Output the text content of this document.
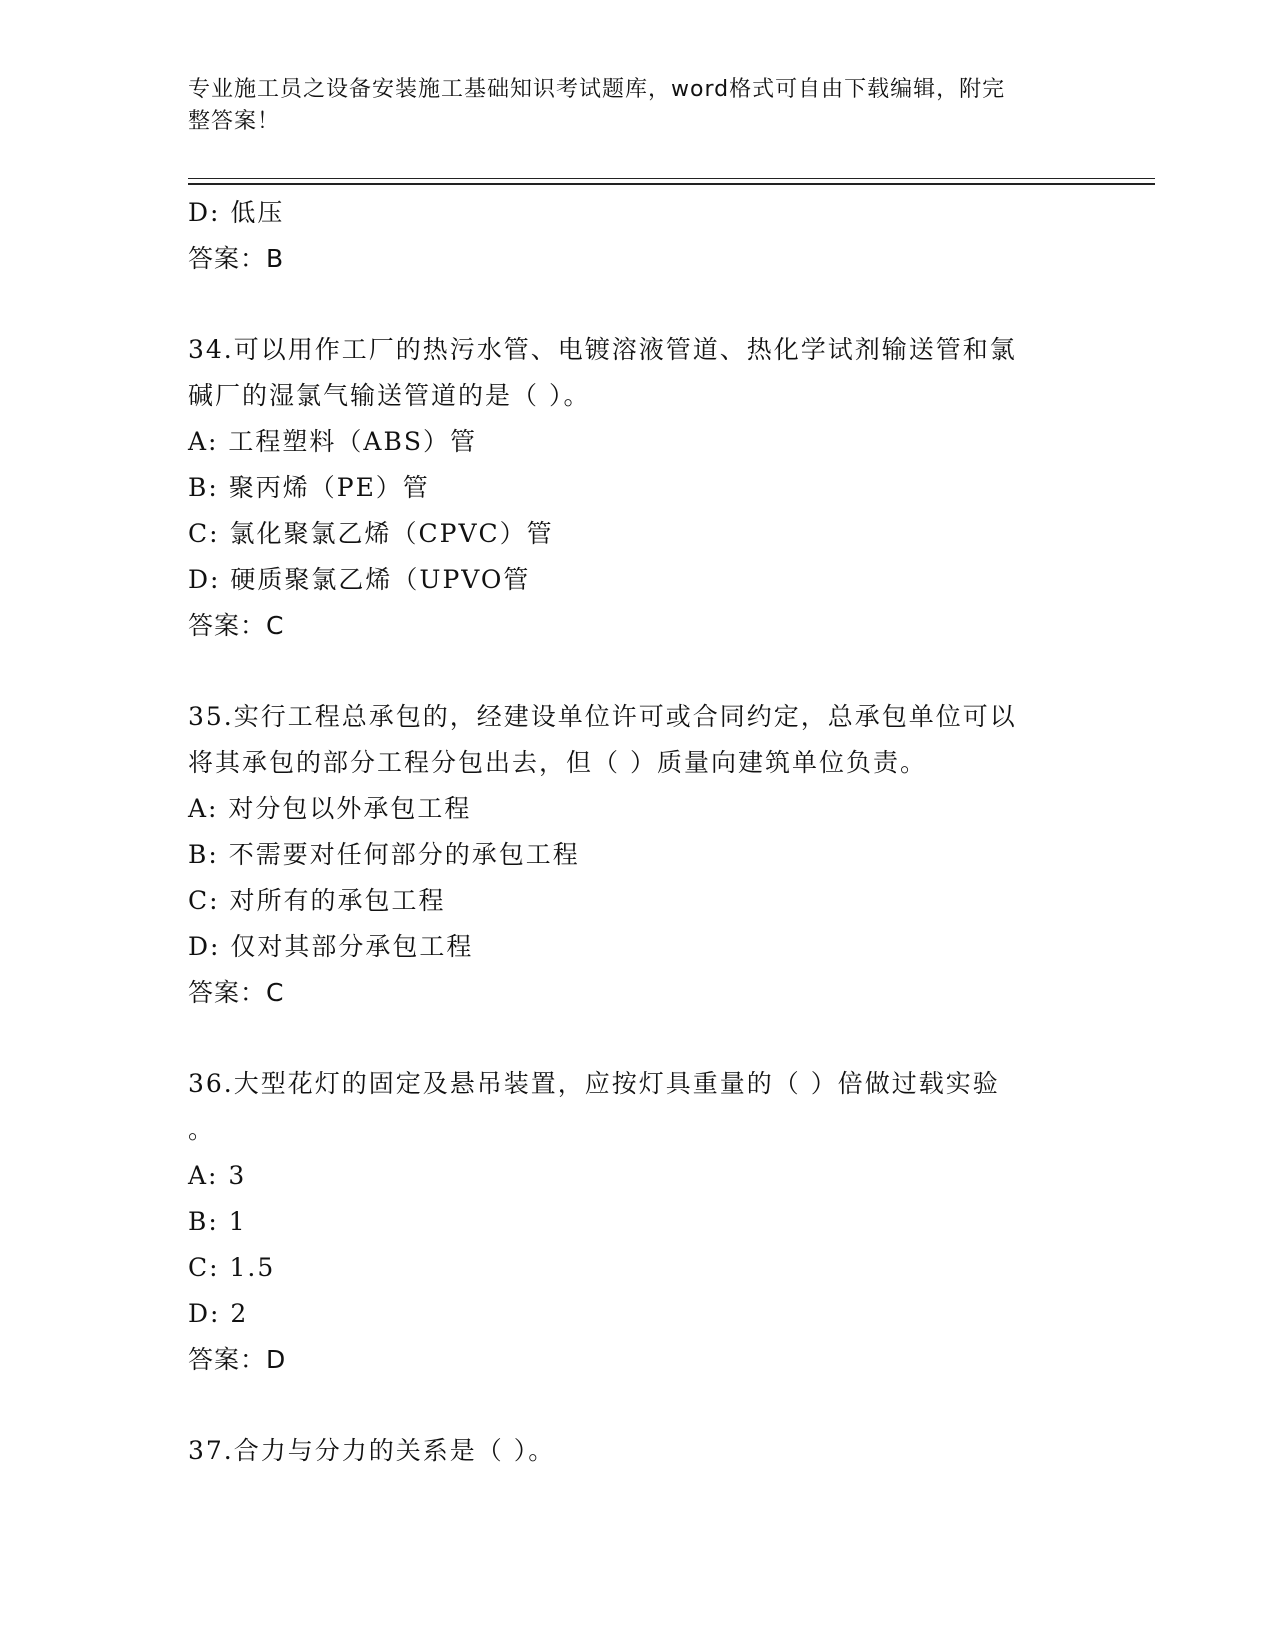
专业施工员之设备安装施工基础知识考试题库，word格式可自由下载编辑，附完
整答案！
D: 低压
答案：B
34.可以用作工厂的热污水管、电镀溶液管道、热化学试剂输送管和氯
碱厂的湿氯气输送管道的是（ ）。
A: 工程塑料（ABS）管
B: 聚丙烯（PE）管
C: 氯化聚氯乙烯（CPVC）管
D: 硬质聚氯乙烯（UPVO管
答案：C
35.实行工程总承包的，经建设单位许可或合同约定，总承包单位可以
将其承包的部分工程分包出去，但（ ）质量向建筑单位负责。
A: 对分包以外承包工程
B: 不需要对任何部分的承包工程
C: 对所有的承包工程
D: 仅对其部分承包工程
答案：C
36.大型花灯的固定及悬吊装置，应按灯具重量的（ ）倍做过载实验
。
A: 3
B: 1
C: 1.5
D: 2
答案：D
37.合力与分力的关系是（ ）。
